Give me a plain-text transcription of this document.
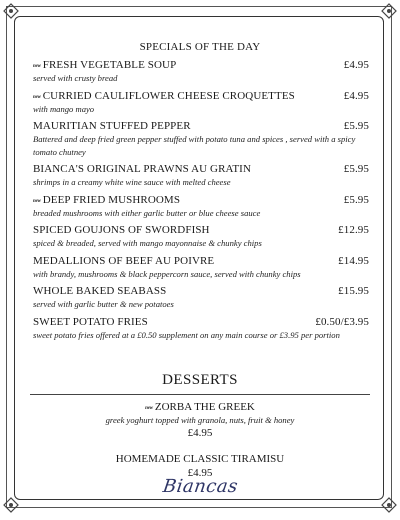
SPECIALS OF THE DAY
new FRESH VEGETABLE SOUP	£4.95
served with crusty bread
new CURRIED CAULIFLOWER CHEESE CROQUETTES	£4.95
with mango mayo
MAURITIAN STUFFED PEPPER	£5.95
Battered and deep fried green pepper stuffed with potato tuna and spices , served with a spicy tomato chutney
BIANCA'S ORIGINAL PRAWNS AU GRATIN	£5.95
shrimps in a creamy white wine sauce with melted cheese
new DEEP FRIED MUSHROOMS	£5.95
breaded mushrooms with either garlic butter or blue cheese sauce
SPICED GOUJONS OF SWORDFISH	£12.95
spiced & breaded, served with mango mayonnaise & chunky chips
MEDALLIONS OF BEEF AU POIVRE	£14.95
with brandy, mushrooms & black peppercorn sauce, served with chunky chips
WHOLE BAKED SEABASS	£15.95
served with garlic butter & new potatoes
SWEET POTATO FRIES	£0.50/£3.95
sweet potato fries offered at a £0.50 supplement on any main course or £3.95 per portion
DESSERTS
new ZORBA THE GREEK
greek yoghurt topped with granola, nuts, fruit & honey
£4.95
HOMEMADE CLASSIC TIRAMISU
£4.95
Biancas
